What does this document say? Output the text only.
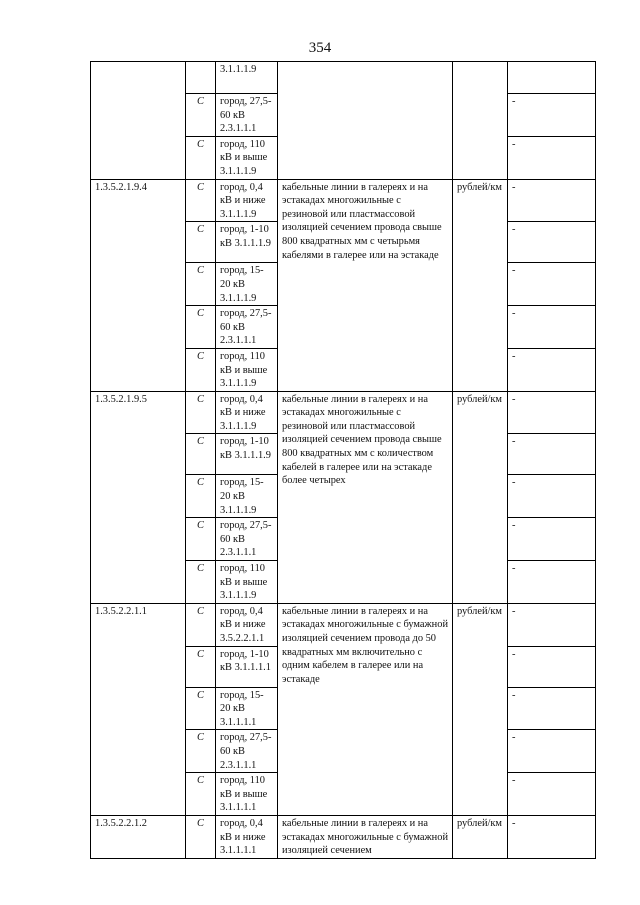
354
		3.1.1.1.9			
	С	город, 27,5-60 кВ 2.3.1.1.1			-
	С	город, 110 кВ и выше 3.1.1.1.9			-
1.3.5.2.1.9.4	С	город, 0,4 кВ и ниже 3.1.1.1.9	кабельные линии в галереях и на эстакадах многожильные с резиновой или пластмассовой изоляцией сечением провода свыше 800 квадратных мм с четырьмя кабелями в галерее или на эстакаде	рублей/км	-
	С	город, 1-10 кВ 3.1.1.1.9			-
	С	город, 15-20 кВ 3.1.1.1.9			-
	С	город, 27,5-60 кВ 2.3.1.1.1			-
	С	город, 110 кВ и выше 3.1.1.1.9			-
1.3.5.2.1.9.5	С	город, 0,4 кВ и ниже 3.1.1.1.9	кабельные линии в галереях и на эстакадах многожильные с резиновой или пластмассовой изоляцией сечением провода свыше 800 квадратных мм с количеством кабелей в галерее или на эстакаде более четырех	рублей/км	-
	С	город, 1-10 кВ 3.1.1.1.9			-
	С	город, 15-20 кВ 3.1.1.1.9			-
	С	город, 27,5-60 кВ 2.3.1.1.1			-
	С	город, 110 кВ и выше 3.1.1.1.9			-
1.3.5.2.2.1.1	С	город, 0,4 кВ и ниже 3.5.2.2.1.1	кабельные линии в галереях и на эстакадах многожильные с бумажной изоляцией сечением провода до 50 квадратных мм включительно с одним кабелем в галерее или на эстакаде	рублей/км	-
	С	город, 1-10 кВ 3.1.1.1.1			-
	С	город, 15-20 кВ 3.1.1.1.1			-
	С	город, 27,5-60 кВ 2.3.1.1.1			-
	С	город, 110 кВ и выше 3.1.1.1.1			-
1.3.5.2.2.1.2	С	город, 0,4 кВ и ниже 3.1.1.1.1	кабельные линии в галереях и на эстакадах многожильные с бумажной изоляцией сечением	рублей/км	-
